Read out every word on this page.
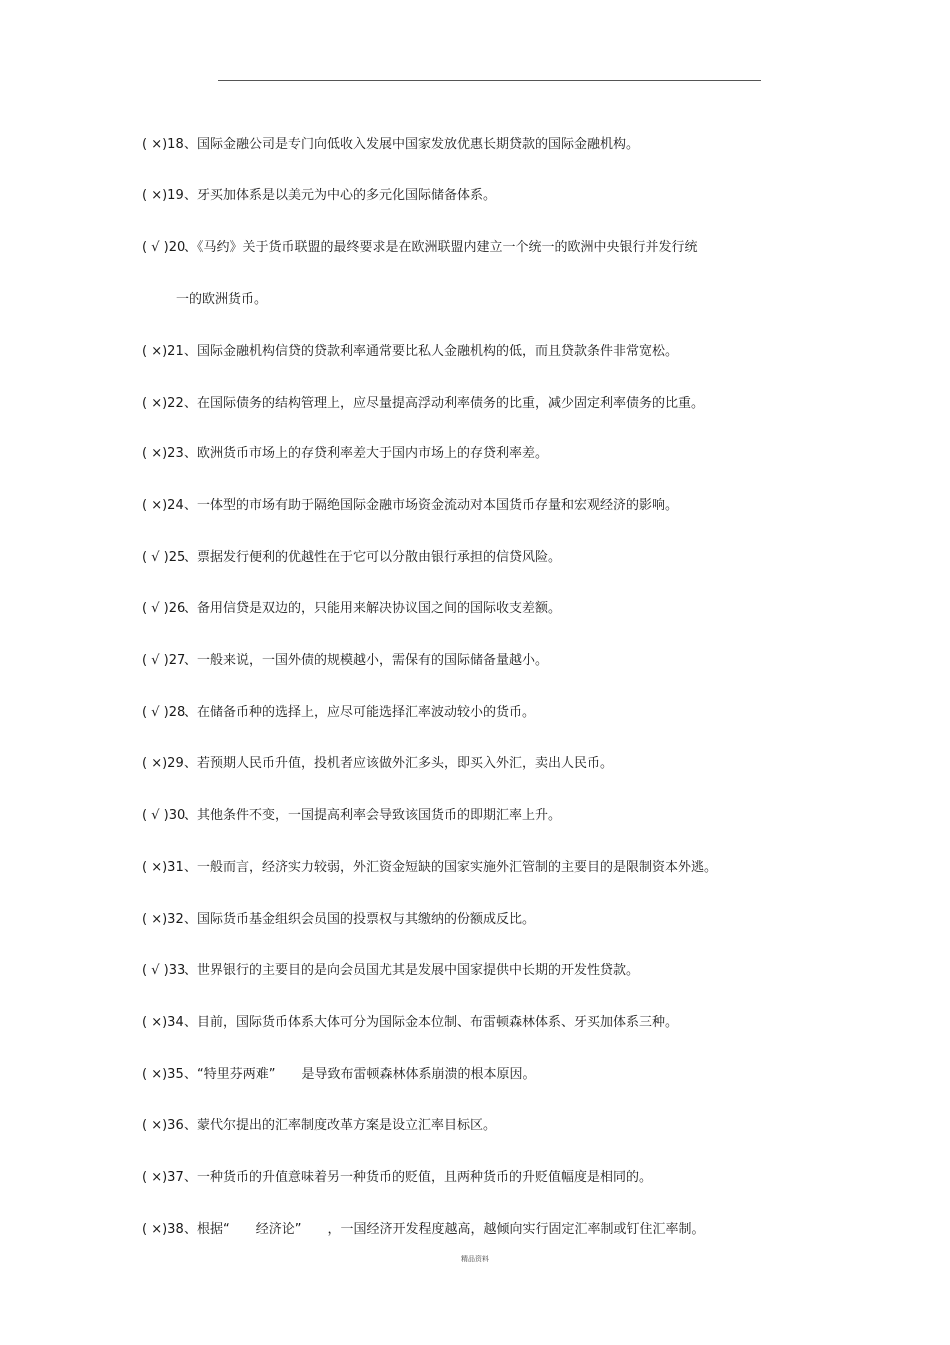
( ×)18、国际金融公司是专门向低收入发展中国家发放优惠长期贷款的国际金融机构。
( ×)19、牙买加体系是以美元为中心的多元化国际储备体系。
( √ )20、《马约》关于货币联盟的最终要求是在欧洲联盟内建立一个统一的欧洲中央银行并发行统
一的欧洲货币。
( ×)21、国际金融机构信贷的贷款利率通常要比私人金融机构的低，而且贷款条件非常宽松。
( ×)22、在国际债务的结构管理上，应尽量提高浮动利率债务的比重，减少固定利率债务的比重。
( ×)23、欧洲货币市场上的存贷利率差大于国内市场上的存贷利率差。
( ×)24、一体型的市场有助于隔绝国际金融市场资金流动对本国货币存量和宏观经济的影响。
( √ )25、票据发行便利的优越性在于它可以分散由银行承担的信贷风险。
( √ )26、备用信贷是双边的，只能用来解决协议国之间的国际收支差额。
( √ )27、一般来说，一国外债的规模越小，需保有的国际储备量越小。
( √ )28、在储备币种的选择上，应尽可能选择汇率波动较小的货币。
( ×)29、若预期人民币升值，投机者应该做外汇多头，即买入外汇，卖出人民币。
( √ )30、其他条件不变，一国提高利率会导致该国货币的即期汇率上升。
( ×)31、一般而言，经济实力较弱，外汇资金短缺的国家实施外汇管制的主要目的是限制资本外逃。
( ×)32、国际货币基金组织会员国的投票权与其缴纳的份额成反比。
( √ )33、世界银行的主要目的是向会员国尤其是发展中国家提供中长期的开发性贷款。
( ×)34、目前，国际货币体系大体可分为国际金本位制、布雷顿森林体系、牙买加体系三种。
( ×)35、“特里芬两难”　　是导致布雷顿森林体系崩溃的根本原因。
( ×)36、蒙代尔提出的汇率制度改革方案是设立汇率目标区。
( ×)37、一种货币的升值意味着另一种货币的贬值，且两种货币的升贬值幅度是相同的。
( ×)38、根据“　　经济论”　　，一国经济开发程度越高，越倾向实行固定汇率制或钉住汇率制。
精品资料
